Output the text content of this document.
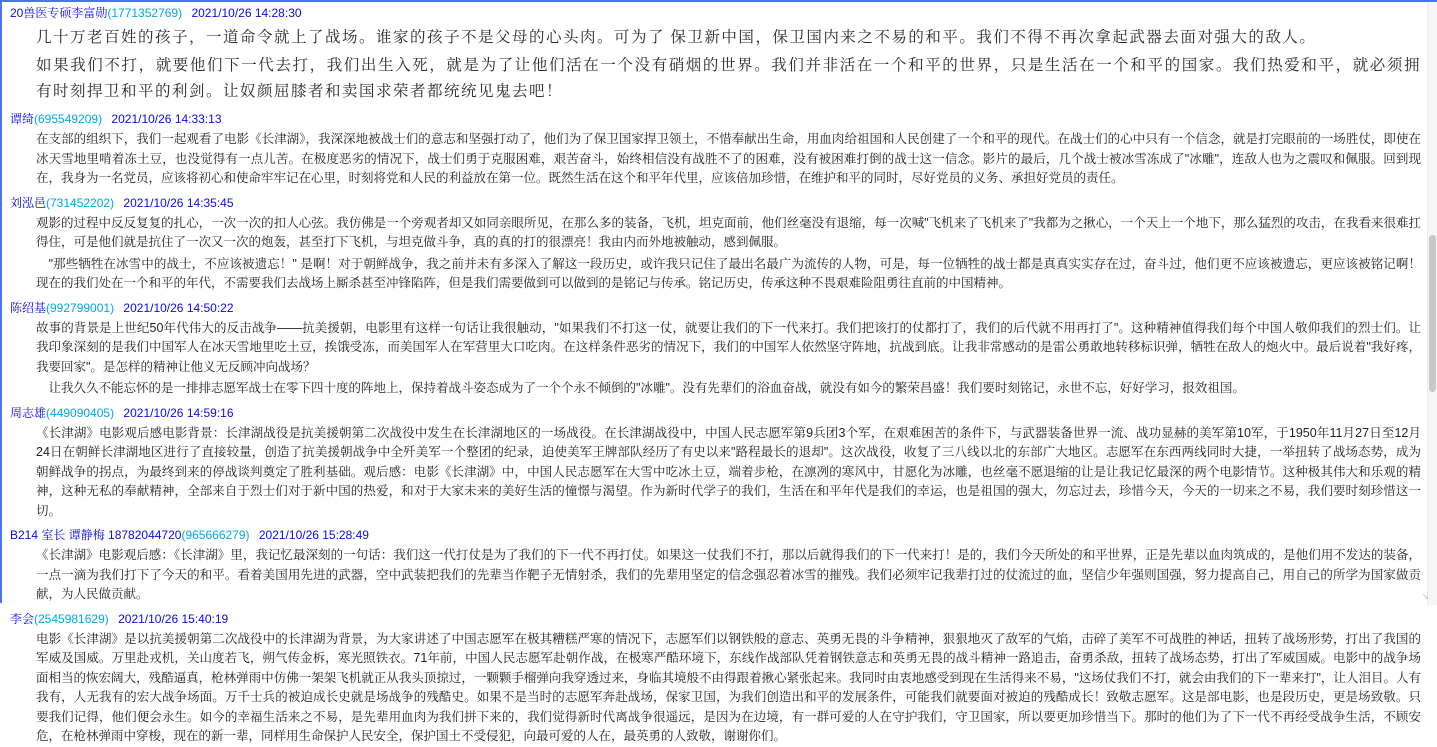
20兽医专硕李富勋(1771352769) 2021/10/26 14:28:30

几十万老百姓的孩子，一道命令就上了战场。谁家的孩子不是父母的心头肉。可为了 保卫新中国，保卫国内来之不易的和平。我们不得不再次拿起武器去面对强大的敌人。

如果我们不打，就要他们下一代去打，我们出生入死，就是为了让他们活在一个没有硝烟的世界。我们并非活在一个和平的世界，只是生活在一个和平的国家。我们热爱和平，就必须拥有时刻捍卫和平的利剑。让奴颜屈膝者和卖国求荣者都统统见鬼去吧！

谭绮(695549209) 2021/10/26 14:33:13

在支部的组织下，我们一起观看了电影《长津湖》，我深深地被战士们的意志和坚强打动了，他们为了保卫国家捍卫领土，不惜奉献出生命，用血肉给祖国和人民创建了一个和平的现代。在战士们的心中只有一个信念，就是打完眼前的一场胜仗，即使在冰天雪地里啃着冻土豆，也没觉得有一点儿苦。在极度恶劣的情况下，战士们勇于克服困难，艰苦奋斗，始终相信没有战胜不了的困难，没有被困难打倒的战士这一信念。影片的最后，几个战士被冰雪冻成了"冰雕"，连敌人也为之震叹和佩服。回到现在，我身为一名党员，应该将初心和使命牢牢记在心里，时刻将党和人民的利益放在第一位。既然生活在这个和平年代里，应该倍加珍惜，在维护和平的同时，尽好党员的义务、承担好党员的责任。

刘泓邑(731452202) 2021/10/26 14:35:45

观影的过程中反反复复的扎心，一次一次的扣人心弦。我仿佛是一个旁观者却又如同亲眼所见，在那么多的装备，飞机，坦克面前，他们丝毫没有退缩，每一次喊"飞机来了飞机来了"我都为之揪心，一个天上一个地下，那么猛烈的攻击，在我看来很难扛得住，可是他们就是抗住了一次又一次的炮轰，甚至打下飞机，与坦克做斗争，真的真的打的很漂亮！我由内而外地被触动，感到佩服。

　"那些牺牲在冰雪中的战士，不应该被遗忘！" 是啊！对于朝鲜战争，我之前并未有多深入了解这一段历史，或许我只记住了最出名最广为流传的人物，可是，每一位牺牲的战士都是真真实实存在过，奋斗过，他们更不应该被遗忘，更应该被铭记啊！现在的我们处在一个和平的年代，不需要我们去战场上厮杀甚至冲锋陷阵，但是我们需要做到可以做到的是铭记与传承。铭记历史，传承这种不畏艰难险阻勇往直前的中国精神。

陈绍基(992799001) 2021/10/26 14:50:22

故事的背景是上世纪50年代伟大的反击战争——抗美援朝，电影里有这样一句话让我很触动，"如果我们不打这一仗，就要让我们的下一代来打。我们把该打的仗都打了，我们的后代就不用再打了"。这种精神值得我们每个中国人敬仰我们的烈士们。让我印象深刻的是我们中国军人在冰天雪地里吃土豆，挨饿受冻，而美国军人在军营里大口吃肉。在这样条件恶劣的情况下，我们的中国军人依然坚守阵地，抗战到底。让我非常感动的是雷公勇敢地转移标识弹，牺牲在敌人的炮火中。最后说着"我好疼，我要回家"。是怎样的精神让他义无反顾冲向战场？

　让我久久不能忘怀的是一排排志愿军战士在零下四十度的阵地上，保持着战斗姿态成为了一个个永不倾倒的"冰雕"。没有先辈们的浴血奋战，就没有如今的繁荣昌盛！我们要时刻铭记，永世不忘，好好学习，报效祖国。

周志雄(449090405) 2021/10/26 14:59:16

《长津湖》电影观后感电影背景：长津湖战役是抗美援朝第二次战役中发生在长津湖地区的一场战役。在长津湖战役中，中国人民志愿军第9兵团3个军，在艰难困苦的条件下，与武器装备世界一流、战功显赫的美军第10军，于1950年11月27日至12月24日在朝鲜长津湖地区进行了直接较量，创造了抗美援朝战争中全歼美军一个整团的纪录，迫使美军王牌部队经历了有史以来"路程最长的退却"。这次战役，收复了三八线以北的东部广大地区。志愿军在东西两线同时大捷，一举扭转了战场态势，成为朝鲜战争的拐点，为最终到来的停战谈判奠定了胜利基础。观后感：电影《长津湖》中，中国人民志愿军在大雪中吃冰土豆，端着步枪，在凛冽的寒风中，甘愿化为冰雕，也丝毫不愿退缩的让是让我记忆最深的两个电影情节。这种极其伟大和乐观的精神，这种无私的奉献精神，全部来自于烈士们对于新中国的热爱，和对于大家未来的美好生活的憧憬与渴望。作为新时代学子的我们，生活在和平年代是我们的幸运，也是祖国的强大，勿忘过去，珍惜今天，今天的一切来之不易，我们要时刻珍惜这一切。

B214 室长 谭静梅 18782044720(965666279) 2021/10/26 15:28:49

《长津湖》电影观后感：《长津湖》里，我记忆最深刻的一句话：我们这一代打仗是为了我们的下一代不再打仗。如果这一仗我们不打，那以后就得我们的下一代来打！是的，我们今天所处的和平世界，正是先辈以血肉筑成的，是他们用不发达的装备，一点一滴为我们打下了今天的和平。看着美国用先进的武器，空中武装把我们的先辈当作靶子无情射杀，我们的先辈用坚定的信念强忍着冰雪的摧残。我们必须牢记我辈打过的仗流过的血，坚信少年强则国强，努力提高自己，用自己的所学为国家做贡献，为人民做贡献。

李会(2545981629) 2021/10/26 15:40:19

电影《长津湖》是以抗美援朝第二次战役中的长津湖为背景，为大家讲述了中国志愿军在极其糟糕严寒的情况下，志愿军们以钢铁般的意志、英勇无畏的斗争精神，狠狠地灭了敌军的气焰，击碎了美军不可战胜的神话，扭转了战场形势，打出了我国的军威及国威。万里赴戎机，关山度若飞，朔气传金柝，寒光照铁衣。71年前，中国人民志愿军赴朝作战，在极寒严酷环境下，东线作战部队凭着钢铁意志和英勇无畏的战斗精神一路追击，奋勇杀敌，扭转了战场态势，打出了军威国威。电影中的战争场面相当的恢宏阔大，残酷逼真，枪林弹雨中仿佛一架架飞机就正从我头顶掠过，一颗颗手榴弹向我穿透过来，身临其境般不由得跟着揪心紧张起来。我同时由衷地感受到现在生活得来不易，"这场仗我们不打，就会由我们的下一辈来打"，让人泪目。人有我有，人无我有的宏大战争场面。万千士兵的被迫成长史就是场战争的残酷史。如果不是当时的志愿军奔赴战场，保家卫国，为我们创造出和平的发展条件，可能我们就要面对被迫的残酷成长！致敬志愿军。这是部电影，也是段历史，更是场致敬。只要我们记得，他们便会永生。如今的幸福生活来之不易，是先辈用血肉为我们拼下来的，我们觉得新时代离战争很遥远，是因为在边境，有一群可爱的人在守护我们，守卫国家，所以要更加珍惜当下。那时的他们为了下一代不再经受战争生活，不顾安危，在枪林弹雨中穿梭，现在的新一辈，同样用生命保护人民安全，保护国土不受侵犯，向最可爱的人在，最英勇的人致敬，谢谢你们。

↘
